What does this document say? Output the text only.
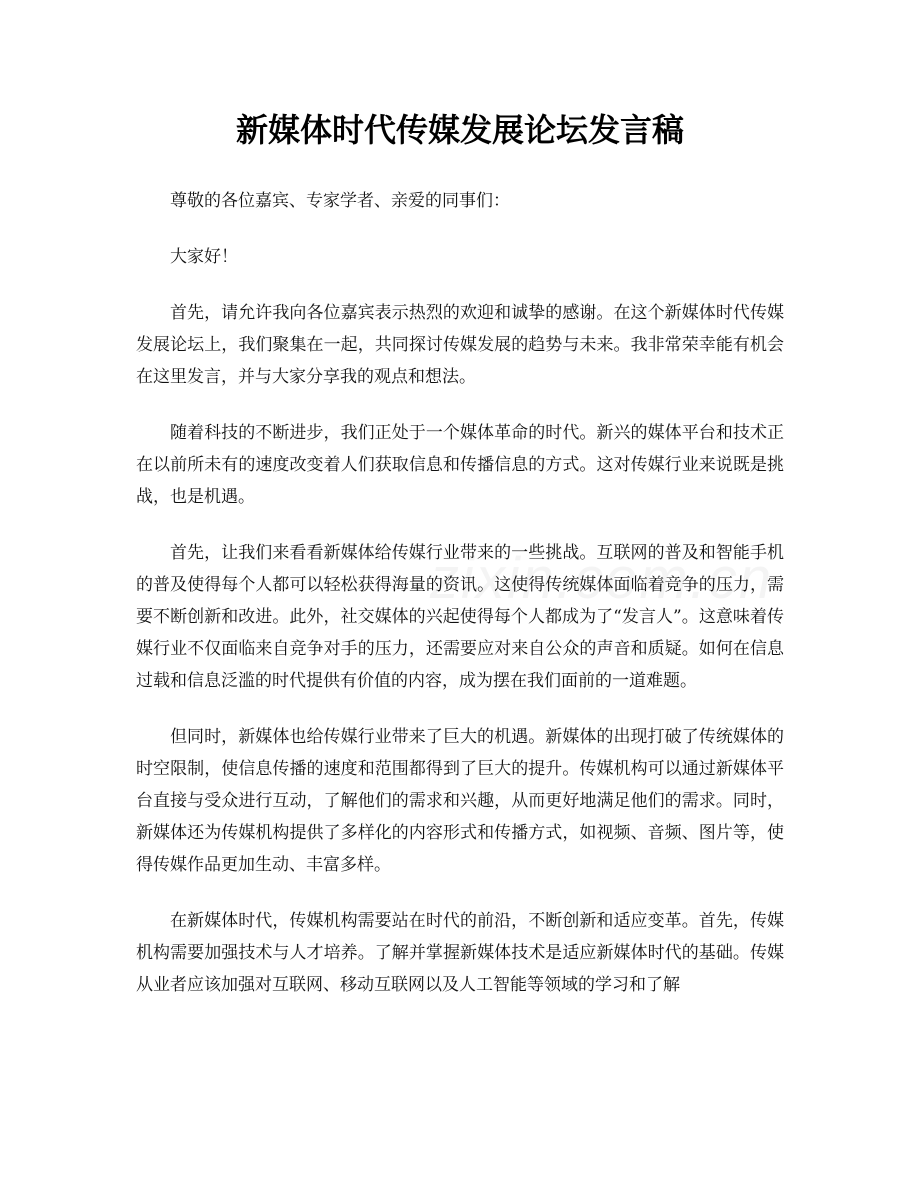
新媒体时代传媒发展论坛发言稿

尊敬的各位嘉宾、专家学者、亲爱的同事们：

大家好！

首先，请允许我向各位嘉宾表示热烈的欢迎和诚挚的感谢。在这个新媒体时代传媒发展论坛上，我们聚集在一起，共同探讨传媒发展的趋势与未来。我非常荣幸能有机会在这里发言，并与大家分享我的观点和想法。

随着科技的不断进步，我们正处于一个媒体革命的时代。新兴的媒体平台和技术正在以前所未有的速度改变着人们获取信息和传播信息的方式。这对传媒行业来说既是挑战，也是机遇。

首先，让我们来看看新媒体给传媒行业带来的一些挑战。互联网的普及和智能手机的普及使得每个人都可以轻松获得海量的资讯。这使得传统媒体面临着竞争的压力，需要不断创新和改进。此外，社交媒体的兴起使得每个人都成为了“发言人”。这意味着传媒行业不仅面临来自竞争对手的压力，还需要应对来自公众的声音和质疑。如何在信息过载和信息泛滥的时代提供有价值的内容，成为摆在我们面前的一道难题。

但同时，新媒体也给传媒行业带来了巨大的机遇。新媒体的出现打破了传统媒体的时空限制，使信息传播的速度和范围都得到了巨大的提升。传媒机构可以通过新媒体平台直接与受众进行互动，了解他们的需求和兴趣，从而更好地满足他们的需求。同时，新媒体还为传媒机构提供了多样化的内容形式和传播方式，如视频、音频、图片等，使得传媒作品更加生动、丰富多样。

在新媒体时代，传媒机构需要站在时代的前沿，不断创新和适应变革。首先，传媒机构需要加强技术与人才培养。了解并掌握新媒体技术是适应新媒体时代的基础。传媒从业者应该加强对互联网、移动互联网以及人工智能等领域的学习和了解
